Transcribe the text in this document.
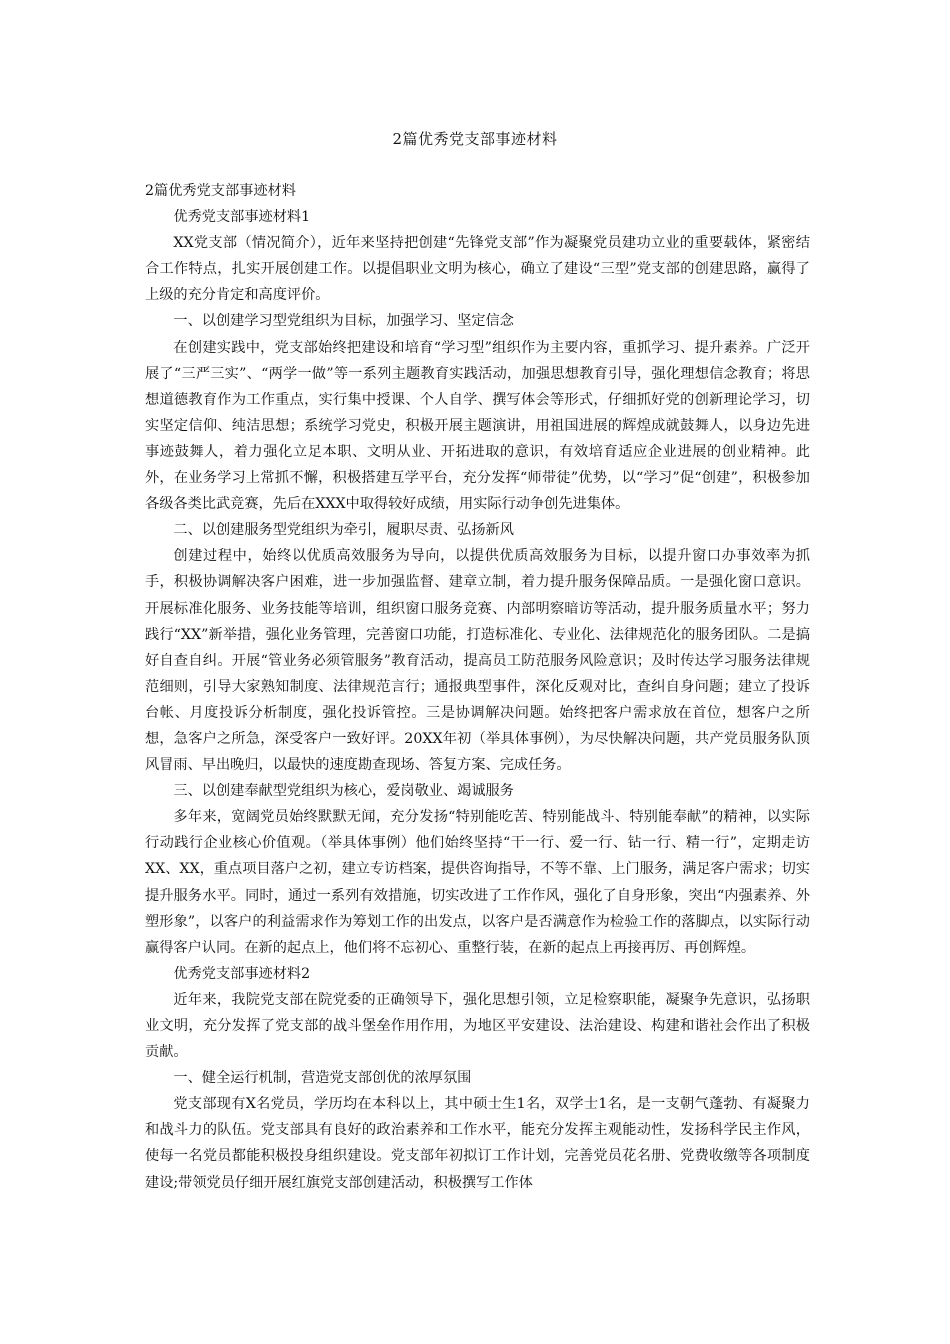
2篇优秀党支部事迹材料

2篇优秀党支部事迹材料

优秀党支部事迹材料1

XX党支部（情况简介），近年来坚持把创建“先锋党支部”作为凝聚党员建功立业的重要载体，紧密结合工作特点，扎实开展创建工作。以提倡职业文明为核心，确立了建设“三型”党支部的创建思路，赢得了上级的充分肯定和高度评价。

一、以创建学习型党组织为目标，加强学习、坚定信念

在创建实践中，党支部始终把建设和培育“学习型”组织作为主要内容，重抓学习、提升素养。广泛开展了“三严三实”、“两学一做”等一系列主题教育实践活动，加强思想教育引导，强化理想信念教育；将思想道德教育作为工作重点，实行集中授课、个人自学、撰写体会等形式，仔细抓好党的创新理论学习，切实坚定信仰、纯洁思想；系统学习党史，积极开展主题演讲，用祖国进展的辉煌成就鼓舞人，以身边先进事迹鼓舞人，着力强化立足本职、文明从业、开拓进取的意识，有效培育适应企业进展的创业精神。此外，在业务学习上常抓不懈，积极搭建互学平台，充分发挥“师带徒”优势，以“学习”促“创建”，积极参加各级各类比武竞赛，先后在XXX中取得较好成绩，用实际行动争创先进集体。

二、以创建服务型党组织为牵引，履职尽责、弘扬新风

创建过程中，始终以优质高效服务为导向，以提供优质高效服务为目标，以提升窗口办事效率为抓手，积极协调解决客户困难，进一步加强监督、建章立制，着力提升服务保障品质。一是强化窗口意识。开展标准化服务、业务技能等培训，组织窗口服务竞赛、内部明察暗访等活动，提升服务质量水平；努力践行“XX”新举措，强化业务管理，完善窗口功能，打造标准化、专业化、法律规范化的服务团队。二是搞好自查自纠。开展“管业务必须管服务”教育活动，提高员工防范服务风险意识；及时传达学习服务法律规范细则，引导大家熟知制度、法律规范言行；通报典型事件，深化反观对比，查纠自身问题；建立了投诉台帐、月度投诉分析制度，强化投诉管控。三是协调解决问题。始终把客户需求放在首位，想客户之所想，急客户之所急，深受客户一致好评。20XX年初（举具体事例），为尽快解决问题，共产党员服务队顶风冒雨、早出晚归，以最快的速度勘查现场、答复方案、完成任务。

三、以创建奉献型党组织为核心，爱岗敬业、竭诚服务

多年来，宽阔党员始终默默无闻，充分发扬“特别能吃苦、特别能战斗、特别能奉献”的精神，以实际行动践行企业核心价值观。（举具体事例）他们始终坚持“干一行、爱一行、钻一行、精一行”，定期走访XX、XX，重点项目落户之初，建立专访档案，提供咨询指导，不等不靠、上门服务，满足客户需求；切实提升服务水平。同时，通过一系列有效措施，切实改进了工作作风，强化了自身形象，突出“内强素养、外塑形象”，以客户的利益需求作为筹划工作的出发点，以客户是否满意作为检验工作的落脚点，以实际行动赢得客户认同。在新的起点上，他们将不忘初心、重整行装，在新的起点上再接再厉、再创辉煌。

优秀党支部事迹材料2

近年来，我院党支部在院党委的正确领导下，强化思想引领，立足检察职能，凝聚争先意识，弘扬职业文明，充分发挥了党支部的战斗堡垒作用作用，为地区平安建设、法治建设、构建和谐社会作出了积极贡献。

一、健全运行机制，营造党支部创优的浓厚氛围

党支部现有X名党员，学历均在本科以上，其中硕士生1名，双学士1名，是一支朝气蓬勃、有凝聚力和战斗力的队伍。党支部具有良好的政治素养和工作水平，能充分发挥主观能动性，发扬科学民主作风，使每一名党员都能积极投身组织建设。党支部年初拟订工作计划，完善党员花名册、党费收缴等各项制度建设;带领党员仔细开展红旗党支部创建活动，积极撰写工作体
